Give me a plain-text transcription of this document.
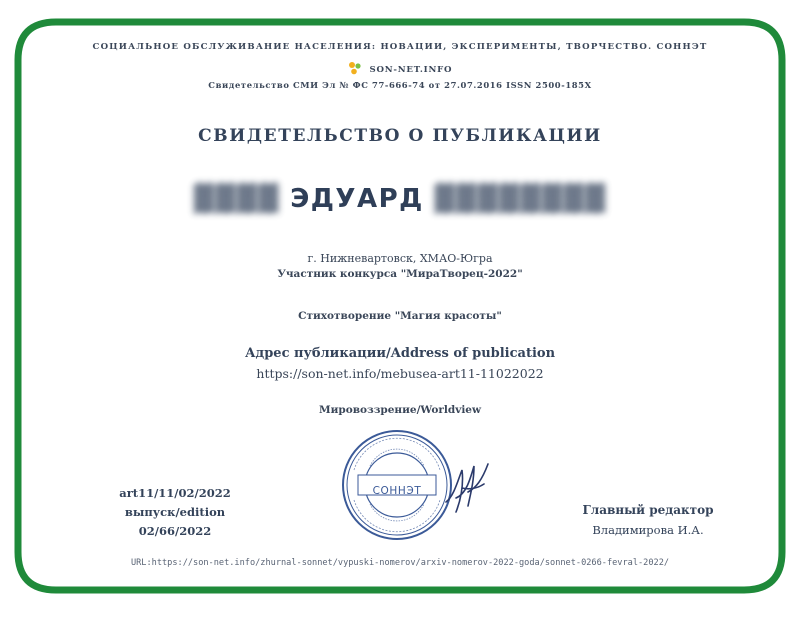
СОЦИАЛЬНОЕ ОБСЛУЖИВАНИЕ НАСЕЛЕНИЯ: НОВАЦИИ, ЭКСПЕРИМЕНТЫ, ТВОРЧЕСТВО. СОННЭТ
SON-NET.INFO
Свидетельство СМИ Эл № ФС 77-666-74 от 27.07.2016 ISSN 2500-185X
СВИДЕТЕЛЬСТВО О ПУБЛИКАЦИИ
▓▓▓▓ ЭДУАРД ▓▓▓▓▓▓▓▓
г. Нижневартовск, ХМАО-Югра
Участник конкурса "МираТворец-2022"
Стихотворение "Магия красоты"
Адрес публикации/Address of publication
https://son-net.info/mebusea-art11-11022022
Мировоззрение/Worldview
art11/11/02/2022
выпуск/edition
02/66/2022
СОННЭТ
Главный редактор
Владимирова И.А.
URL:https://son-net.info/zhurnal-sonnet/vypuski-nomerov/arxiv-nomerov-2022-goda/sonnet-0266-fevral-2022/
